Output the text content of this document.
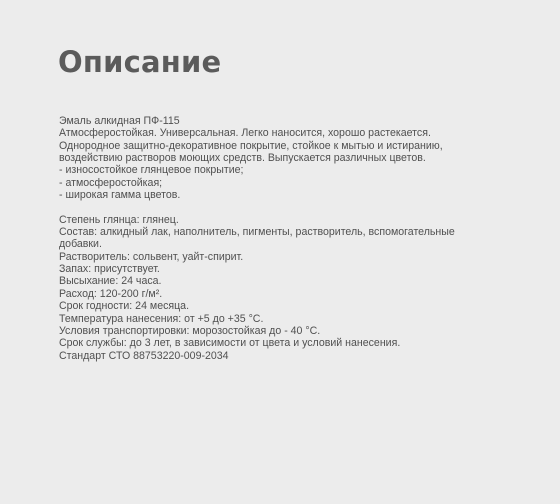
Описание

Эмаль алкидная ПФ-115
Атмосферостойкая. Универсальная. Легко наносится, хорошо растекается.
Однородное защитно-декоративное покрытие, стойкое к мытью и истиранию,
воздействию растворов моющих средств. Выпускается различных цветов.
- износостойкое глянцевое покрытие;
- атмосферостойкая;
- широкая гамма цветов.

Степень глянца: глянец.
Состав: алкидный лак, наполнитель, пигменты, растворитель, вспомогательные
добавки.
Растворитель: сольвент, уайт-спирит.
Запах: присутствует.
Высыхание: 24 часа.
Расход: 120-200 г/м².
Срок годности: 24 месяца.
Температура нанесения: от +5 до +35 °С.
Условия транспортировки: морозостойкая до - 40 °С.
Срок службы: до 3 лет, в зависимости от цвета и условий нанесения.
Стандарт СТО 88753220-009-2034
